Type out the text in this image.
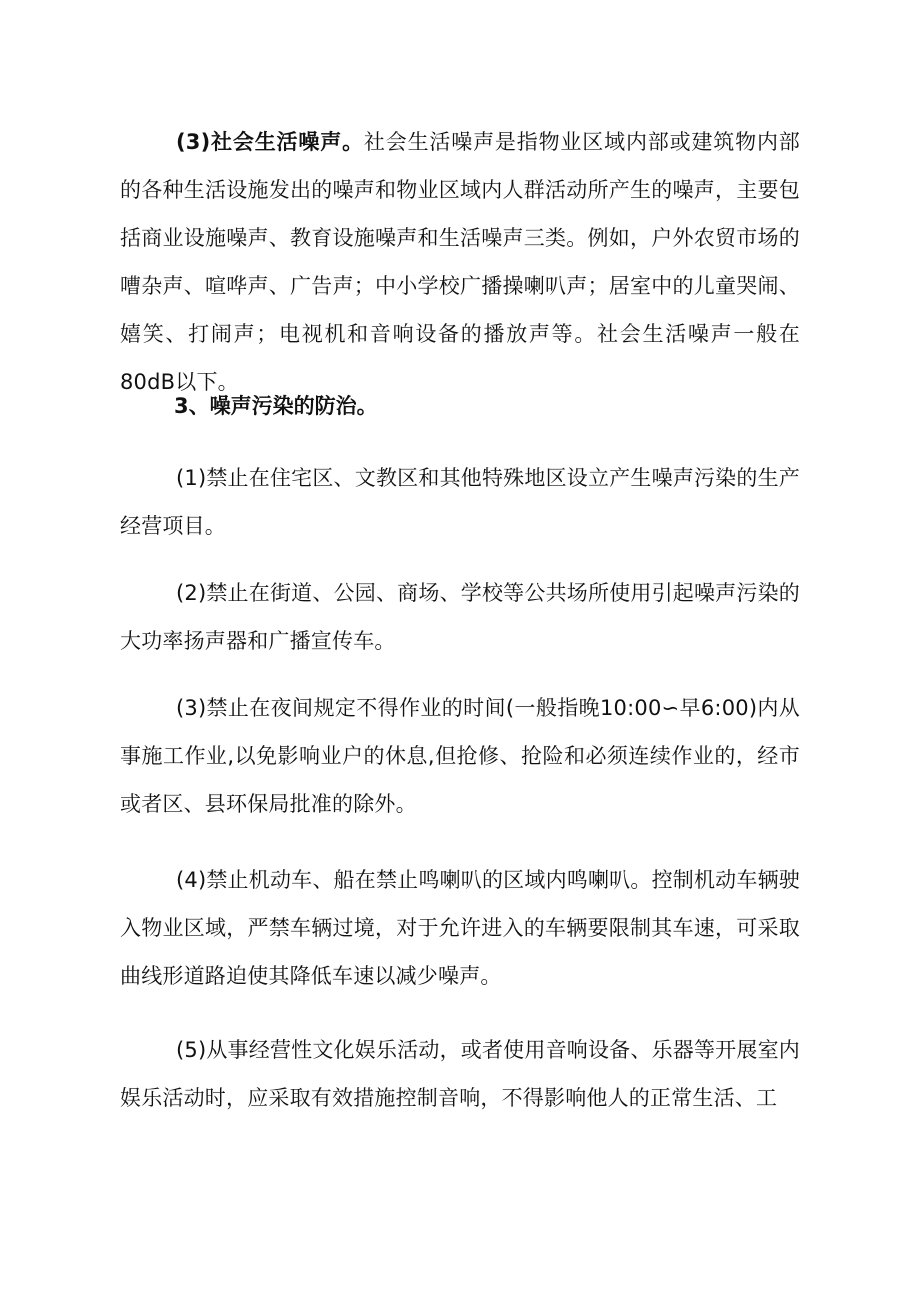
(3)社会生活噪声。社会生活噪声是指物业区域内部或建筑物内部的各种生活设施发出的噪声和物业区域内人群活动所产生的噪声，主要包括商业设施噪声、教育设施噪声和生活噪声三类。例如，户外农贸市场的嘈杂声、喧哗声、广告声；中小学校广播操喇叭声；居室中的儿童哭闹、嬉笑、打闹声；电视机和音响设备的播放声等。社会生活噪声一般在80dB以下。

3、噪声污染的防治。

(1)禁止在住宅区、文教区和其他特殊地区设立产生噪声污染的生产经营项目。

(2)禁止在街道、公园、商场、学校等公共场所使用引起噪声污染的大功率扬声器和广播宣传车。

(3)禁止在夜间规定不得作业的时间(一般指晚10:00∽早6:00)内从事施工作业,以免影响业户的休息,但抢修、抢险和必须连续作业的，经市或者区、县环保局批准的除外。

(4)禁止机动车、船在禁止鸣喇叭的区域内鸣喇叭。控制机动车辆驶入物业区域，严禁车辆过境，对于允许进入的车辆要限制其车速，可采取曲线形道路迫使其降低车速以减少噪声。

(5)从事经营性文化娱乐活动，或者使用音响设备、乐器等开展室内娱乐活动时，应采取有效措施控制音响，不得影响他人的正常生活、工
